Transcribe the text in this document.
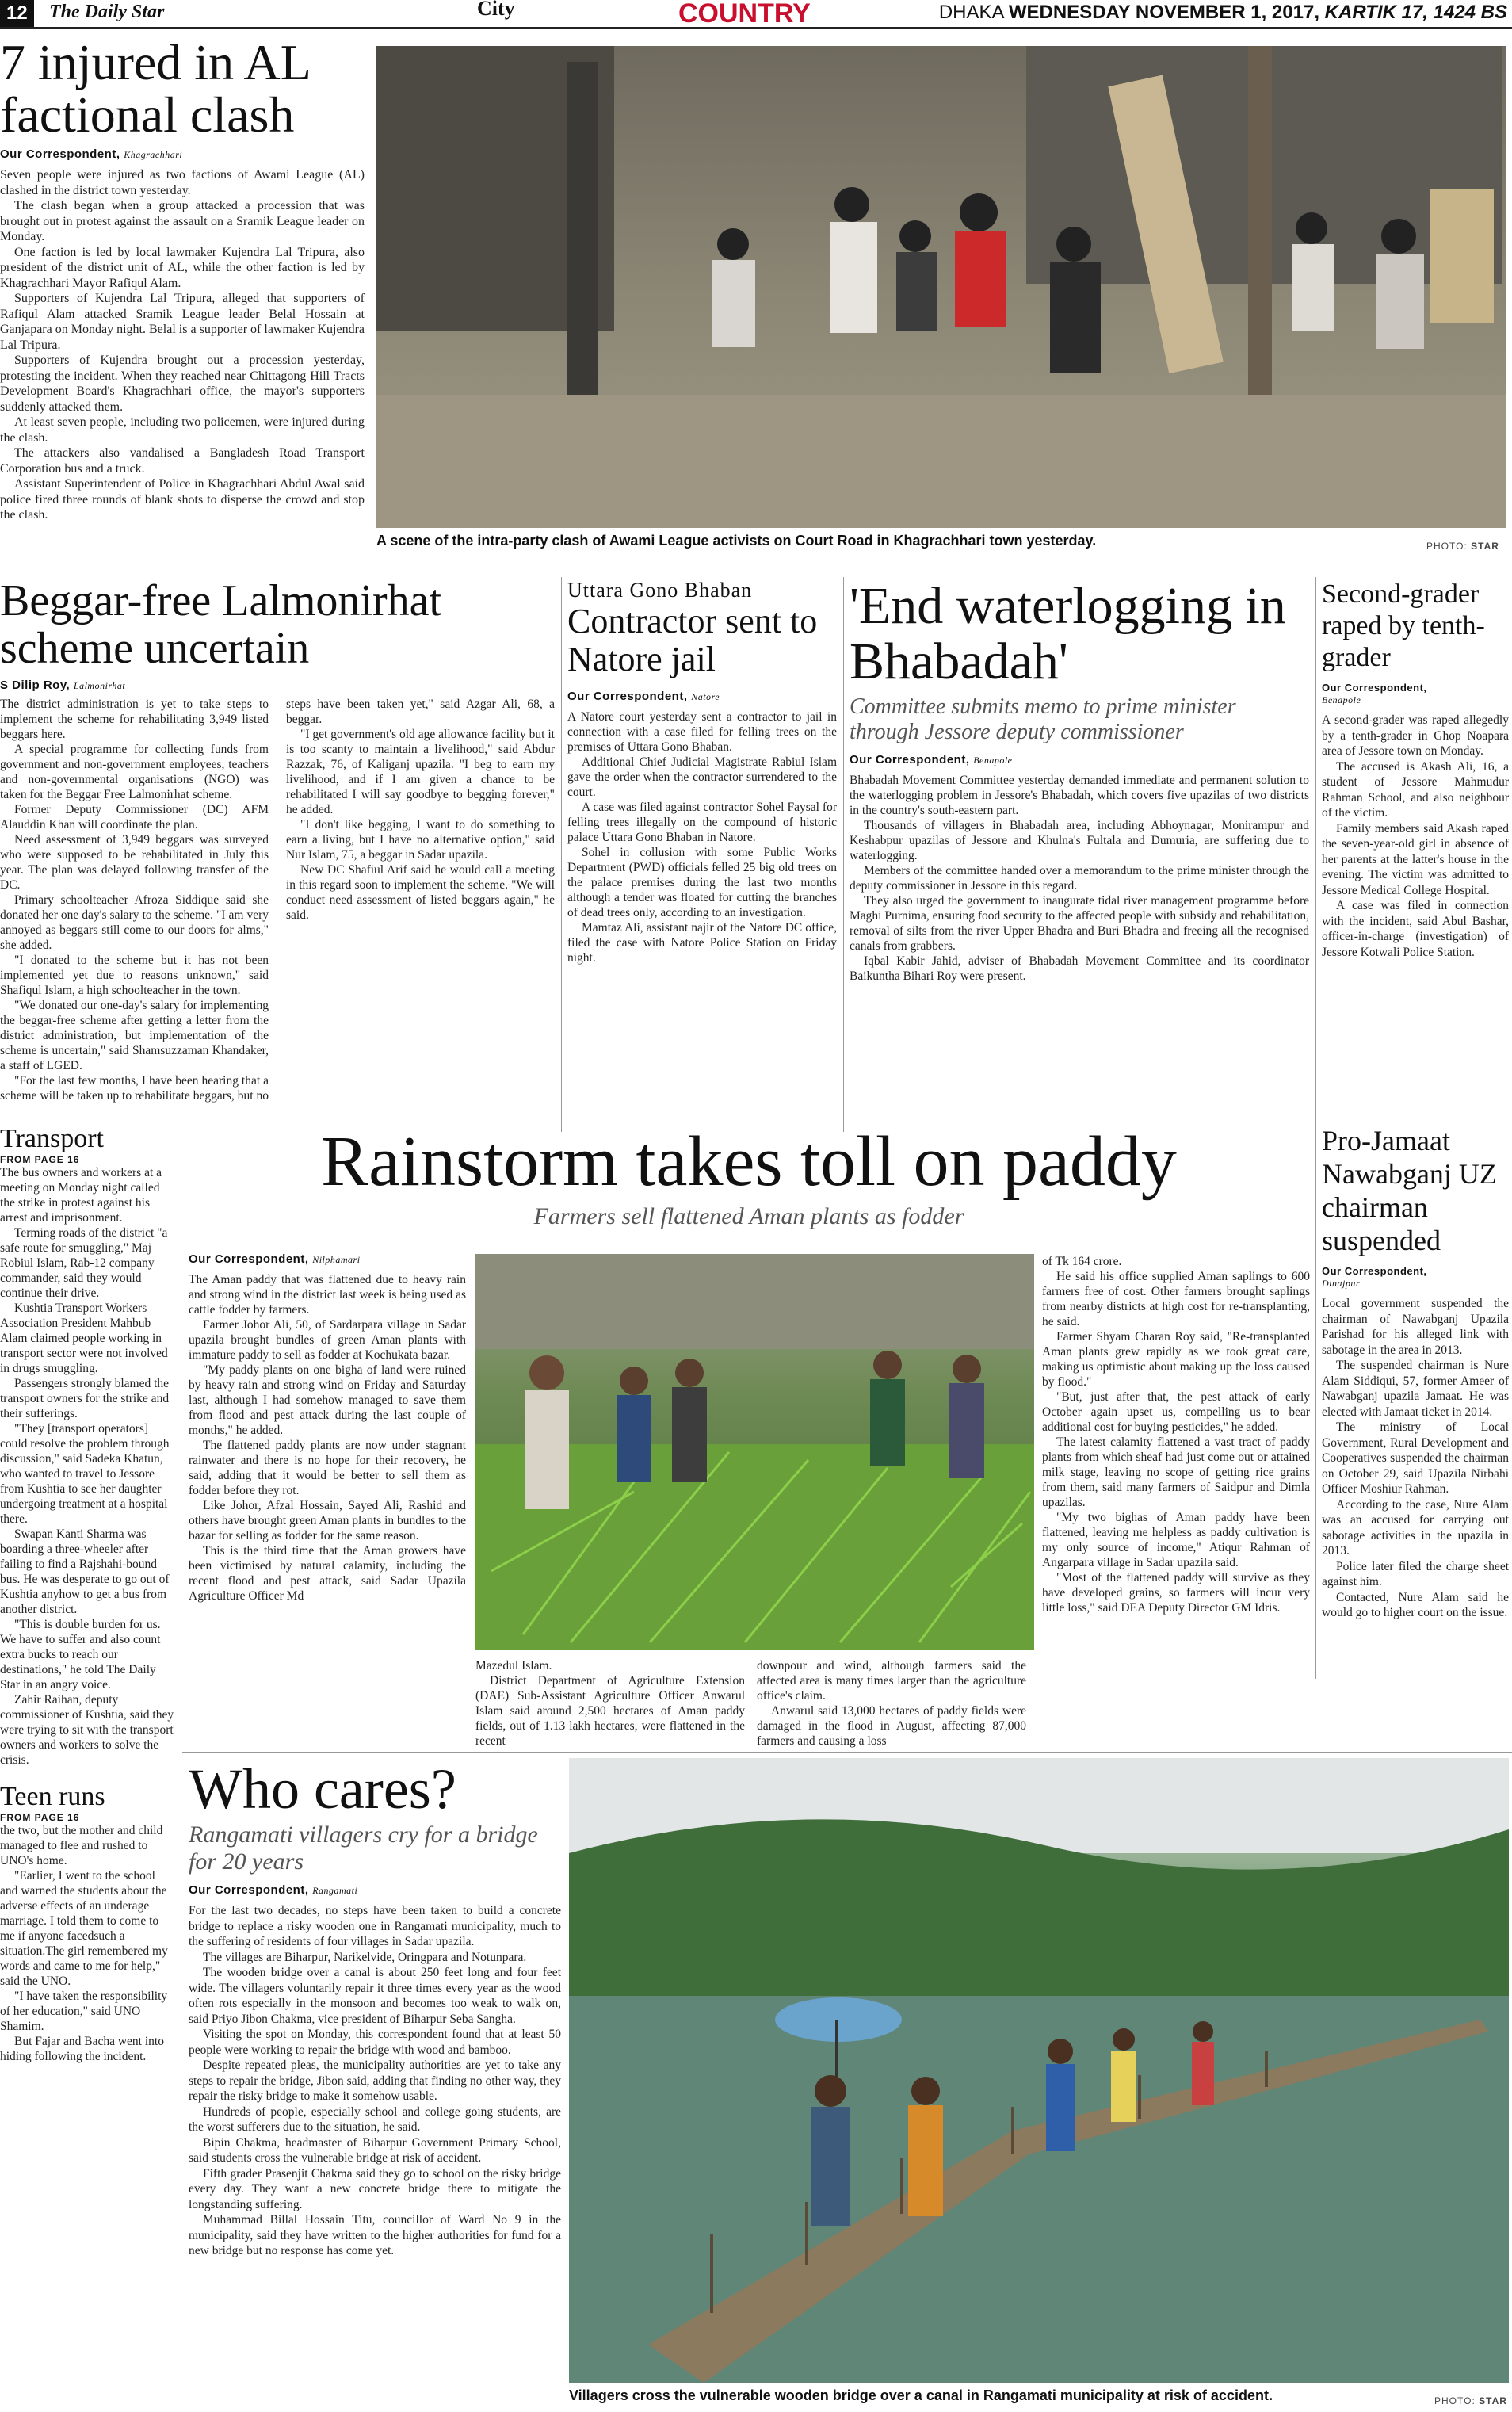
12	The Daily Star	City	COUNTRY	DHAKA WEDNESDAY NOVEMBER 1, 2017, KARTIK 17, 1424 BS
7 injured in AL factional clash
Our Correspondent, Khagrachhari

Seven people were injured as two factions of Awami League (AL) clashed in the district town yesterday.

The clash began when a group attacked a procession that was brought out in protest against the assault on a Sramik League leader on Monday.

One faction is led by local lawmaker Kujendra Lal Tripura, also president of the district unit of AL, while the other faction is led by Khagrachhari Mayor Rafiqul Alam.

Supporters of Kujendra Lal Tripura, alleged that supporters of Rafiqul Alam attacked Sramik League leader Belal Hossain at Ganjapara on Monday night. Belal is a supporter of lawmaker Kujendra Lal Tripura.

Supporters of Kujendra brought out a procession yesterday, protesting the incident. When they reached near Chittagong Hill Tracts Development Board's Khagrachhari office, the mayor's supporters suddenly attacked them.

At least seven people, including two policemen, were injured during the clash.

The attackers also vandalised a Bangladesh Road Transport Corporation bus and a truck.

Assistant Superintendent of Police in Khagrachhari Abdul Awal said police fired three rounds of blank shots to disperse the crowd and stop the clash.

A scene of the intra-party clash of Awami League activists on Court Road in Khagrachhari town yesterday.	PHOTO: STAR
Beggar-free Lalmonirhat scheme uncertain
S Dilip Roy, Lalmonirhat

The district administration is yet to take steps to implement the scheme for rehabilitating 3,949 listed beggars here.

A special programme for collecting funds from government and non-government employees, teachers and non-governmental organisations (NGO) was taken for the Beggar Free Lalmonirhat scheme.

Former Deputy Commissioner (DC) AFM Alauddin Khan will coordinate the plan.

Need assessment of 3,949 beggars was surveyed who were supposed to be rehabilitated in July this year. The plan was delayed following transfer of the DC.

Primary schoolteacher Afroza Siddique said she donated her one day's salary to the scheme. "I am very annoyed as beggars still come to our doors for alms," she added.

"I donated to the scheme but it has not been implemented yet due to reasons unknown," said Shafiqul Islam, a high schoolteacher in the town.

"We donated our one-day's salary for implementing the beggar-free scheme after getting a letter from the district administration, but implementation of the scheme is uncertain," said Shamsuzzaman Khandaker, a staff of LGED.

"For the last few months, I have been hearing that a scheme will be taken up to rehabilitate beggars, but no steps have been taken yet," said Azgar Ali, 68, a beggar.

"I get government's old age allowance facility but it is too scanty to maintain a livelihood," said Abdur Razzak, 76, of Kaliganj upazila. "I beg to earn my livelihood, and if I am given a chance to be rehabilitated I will say goodbye to begging forever," he added.

"I don't like begging, I want to do something to earn a living, but I have no alternative option," said Nur Islam, 75, a beggar in Sadar upazila.

New DC Shafiul Arif said he would call a meeting in this regard soon to implement the scheme. "We will conduct need assessment of listed beggars again," he said.

Uttara Gono Bhaban
Contractor sent to Natore jail
Our Correspondent, Natore

A Natore court yesterday sent a contractor to jail in connection with a case filed for felling trees on the premises of Uttara Gono Bhaban.

Additional Chief Judicial Magistrate Rabiul Islam gave the order when the contractor surrendered to the court.

A case was filed against contractor Sohel Faysal for felling trees illegally on the compound of historic palace Uttara Gono Bhaban in Natore.

Sohel in collusion with some Public Works Department (PWD) officials felled 25 big old trees on the palace premises during the last two months although a tender was floated for cutting the branches of dead trees only, according to an investigation.

Mamtaz Ali, assistant najir of the Natore DC office, filed the case with Natore Police Station on Friday night.

'End waterlogging in Bhabadah'
Committee submits memo to prime minister through Jessore deputy commissioner
Our Correspondent, Benapole

Bhabadah Movement Committee yesterday demanded immediate and permanent solution to the waterlogging problem in Jessore's Bhabadah, which covers five upazilas of two districts in the country's south-eastern part.

Thousands of villagers in Bhabadah area, including Abhoynagar, Monirampur and Keshabpur upazilas of Jessore and Khulna's Fultala and Dumuria, are suffering due to waterlogging.

Members of the committee handed over a memorandum to the prime minister through the deputy commissioner in Jessore in this regard.

They also urged the government to inaugurate tidal river management programme before Maghi Purnima, ensuring food security to the affected people with subsidy and rehabilitation, removal of silts from the river Upper Bhadra and Buri Bhadra and freeing all the recognised canals from grabbers.

Iqbal Kabir Jahid, adviser of Bhabadah Movement Committee and its coordinator Baikuntha Bihari Roy were present.

Second-grader raped by tenth-grader
Our Correspondent,
Benapole

A second-grader was raped allegedly by a tenth-grader in Ghop Noapara area of Jessore town on Monday.

The accused is Akash Ali, 16, a student of Jessore Mahmudur Rahman School, and also neighbour of the victim.

Family members said Akash raped the seven-year-old girl in absence of her parents at the latter's house in the evening. The victim was admitted to Jessore Medical College Hospital.

A case was filed in connection with the incident, said Abul Bashar, officer-in-charge (investigation) of Jessore Kotwali Police Station.

Transport
FROM PAGE 16

The bus owners and workers at a meeting on Monday night called the strike in protest against his arrest and imprisonment.

Terming roads of the district "a safe route for smuggling," Maj Robiul Islam, Rab-12 company commander, said they would continue their drive.

Kushtia Transport Workers Association President Mahbub Alam claimed people working in transport sector were not involved in drugs smuggling.

Passengers strongly blamed the transport owners for the strike and their sufferings.

"They [transport operators] could resolve the problem through discussion," said Sadeka Khatun, who wanted to travel to Jessore from Kushtia to see her daughter undergoing treatment at a hospital there.

Swapan Kanti Sharma was boarding a three-wheeler after failing to find a Rajshahi-bound bus. He was desperate to go out of Kushtia anyhow to get a bus from another district.

"This is double burden for us. We have to suffer and also count extra bucks to reach our destinations," he told The Daily Star in an angry voice.

Zahir Raihan, deputy commissioner of Kushtia, said they were trying to sit with the transport owners and workers to solve the crisis.

Teen runs
FROM PAGE 16

the two, but the mother and child managed to flee and rushed to UNO's home.

"Earlier, I went to the school and warned the students about the adverse effects of an underage marriage. I told them to come to me if anyone facedsuch a situation.The girl remembered my words and came to me for help," said the UNO.

"I have taken the responsibility of her education," said UNO Shamim.

But Fajar and Bacha went into hiding following the incident.

Rainstorm takes toll on paddy
Farmers sell flattened Aman plants as fodder
Our Correspondent, Nilphamari

The Aman paddy that was flattened due to heavy rain and strong wind in the district last week is being used as cattle fodder by farmers.

Farmer Johor Ali, 50, of Sardarpara village in Sadar upazila brought bundles of green Aman plants with immature paddy to sell as fodder at Kochukata bazar.

"My paddy plants on one bigha of land were ruined by heavy rain and strong wind on Friday and Saturday last, although I had somehow managed to save them from flood and pest attack during the last couple of months," he added.

The flattened paddy plants are now under stagnant rainwater and there is no hope for their recovery, he said, adding that it would be better to sell them as fodder before they rot.

Like Johor, Afzal Hossain, Sayed Ali, Rashid and others have brought green Aman plants in bundles to the bazar for selling as fodder for the same reason.

This is the third time that the Aman growers have been victimised by natural calamity, including the recent flood and pest attack, said Sadar Upazila Agriculture Officer Md

Mazedul Islam.

District Department of Agriculture Extension (DAE) Sub-Assistant Agriculture Officer Anwarul Islam said around 2,500 hectares of Aman paddy fields, out of 1.13 lakh hectares, were flattened in the recent

downpour and wind, although farmers said the affected area is many times larger than the agriculture office's claim.

Anwarul said 13,000 hectares of paddy fields were damaged in the flood in August, affecting 87,000 farmers and causing a loss

of Tk 164 crore.

He said his office supplied Aman saplings to 600 farmers free of cost. Other farmers brought saplings from nearby districts at high cost for re-transplanting, he said.

Farmer Shyam Charan Roy said, "Re-transplanted Aman plants grew rapidly as we took great care, making us optimistic about making up the loss caused by flood."

"But, just after that, the pest attack of early October again upset us, compelling us to bear additional cost for buying pesticides," he added.

The latest calamity flattened a vast tract of paddy plants from which sheaf had just come out or attained milk stage, leaving no scope of getting rice grains from them, said many farmers of Saidpur and Dimla upazilas.

"My two bighas of Aman paddy have been flattened, leaving me helpless as paddy cultivation is my only source of income," Atiqur Rahman of Angarpara village in Sadar upazila said.

"Most of the flattened paddy will survive as they have developed grains, so farmers will incur very little loss," said DEA Deputy Director GM Idris.

Pro-Jamaat Nawabganj UZ chairman suspended
Our Correspondent,
Dinajpur

Local government suspended the chairman of Nawabganj Upazila Parishad for his alleged link with sabotage in the area in 2013.

The suspended chairman is Nure Alam Siddiqui, 57, former Ameer of Nawabganj upazila Jamaat. He was elected with Jamaat ticket in 2014.

The ministry of Local Government, Rural Development and Cooperatives suspended the chairman on October 29, said Upazila Nirbahi Officer Moshiur Rahman.

According to the case, Nure Alam was an accused for carrying out sabotage activities in the upazila in 2013.

Police later filed the charge sheet against him.

Contacted, Nure Alam said he would go to higher court on the issue.

Who cares?
Rangamati villagers cry for a bridge for 20 years
Our Correspondent, Rangamati

For the last two decades, no steps have been taken to build a concrete bridge to replace a risky wooden one in Rangamati municipality, much to the suffering of residents of four villages in Sadar upazila.

The villages are Biharpur, Narikelvide, Oringpara and Notunpara.

The wooden bridge over a canal is about 250 feet long and four feet wide. The villagers voluntarily repair it three times every year as the wood often rots especially in the monsoon and becomes too weak to walk on, said Priyo Jibon Chakma, vice president of Biharpur Seba Sangha.

Visiting the spot on Monday, this correspondent found that at least 50 people were working to repair the bridge with wood and bamboo.

Despite repeated pleas, the municipality authorities are yet to take any steps to repair the bridge, Jibon said, adding that finding no other way, they repair the risky bridge to make it somehow usable.

Hundreds of people, especially school and college going students, are the worst sufferers due to the situation, he said.

Bipin Chakma, headmaster of Biharpur Government Primary School, said students cross the vulnerable bridge at risk of accident.

Fifth grader Prasenjit Chakma said they go to school on the risky bridge every day. They want a new concrete bridge there to mitigate the longstanding suffering.

Muhammad Billal Hossain Titu, councillor of Ward No 9 in the municipality, said they have written to the higher authorities for fund for a new bridge but no response has come yet.

Villagers cross the vulnerable wooden bridge over a canal in Rangamati municipality at risk of accident.	PHOTO: STAR
